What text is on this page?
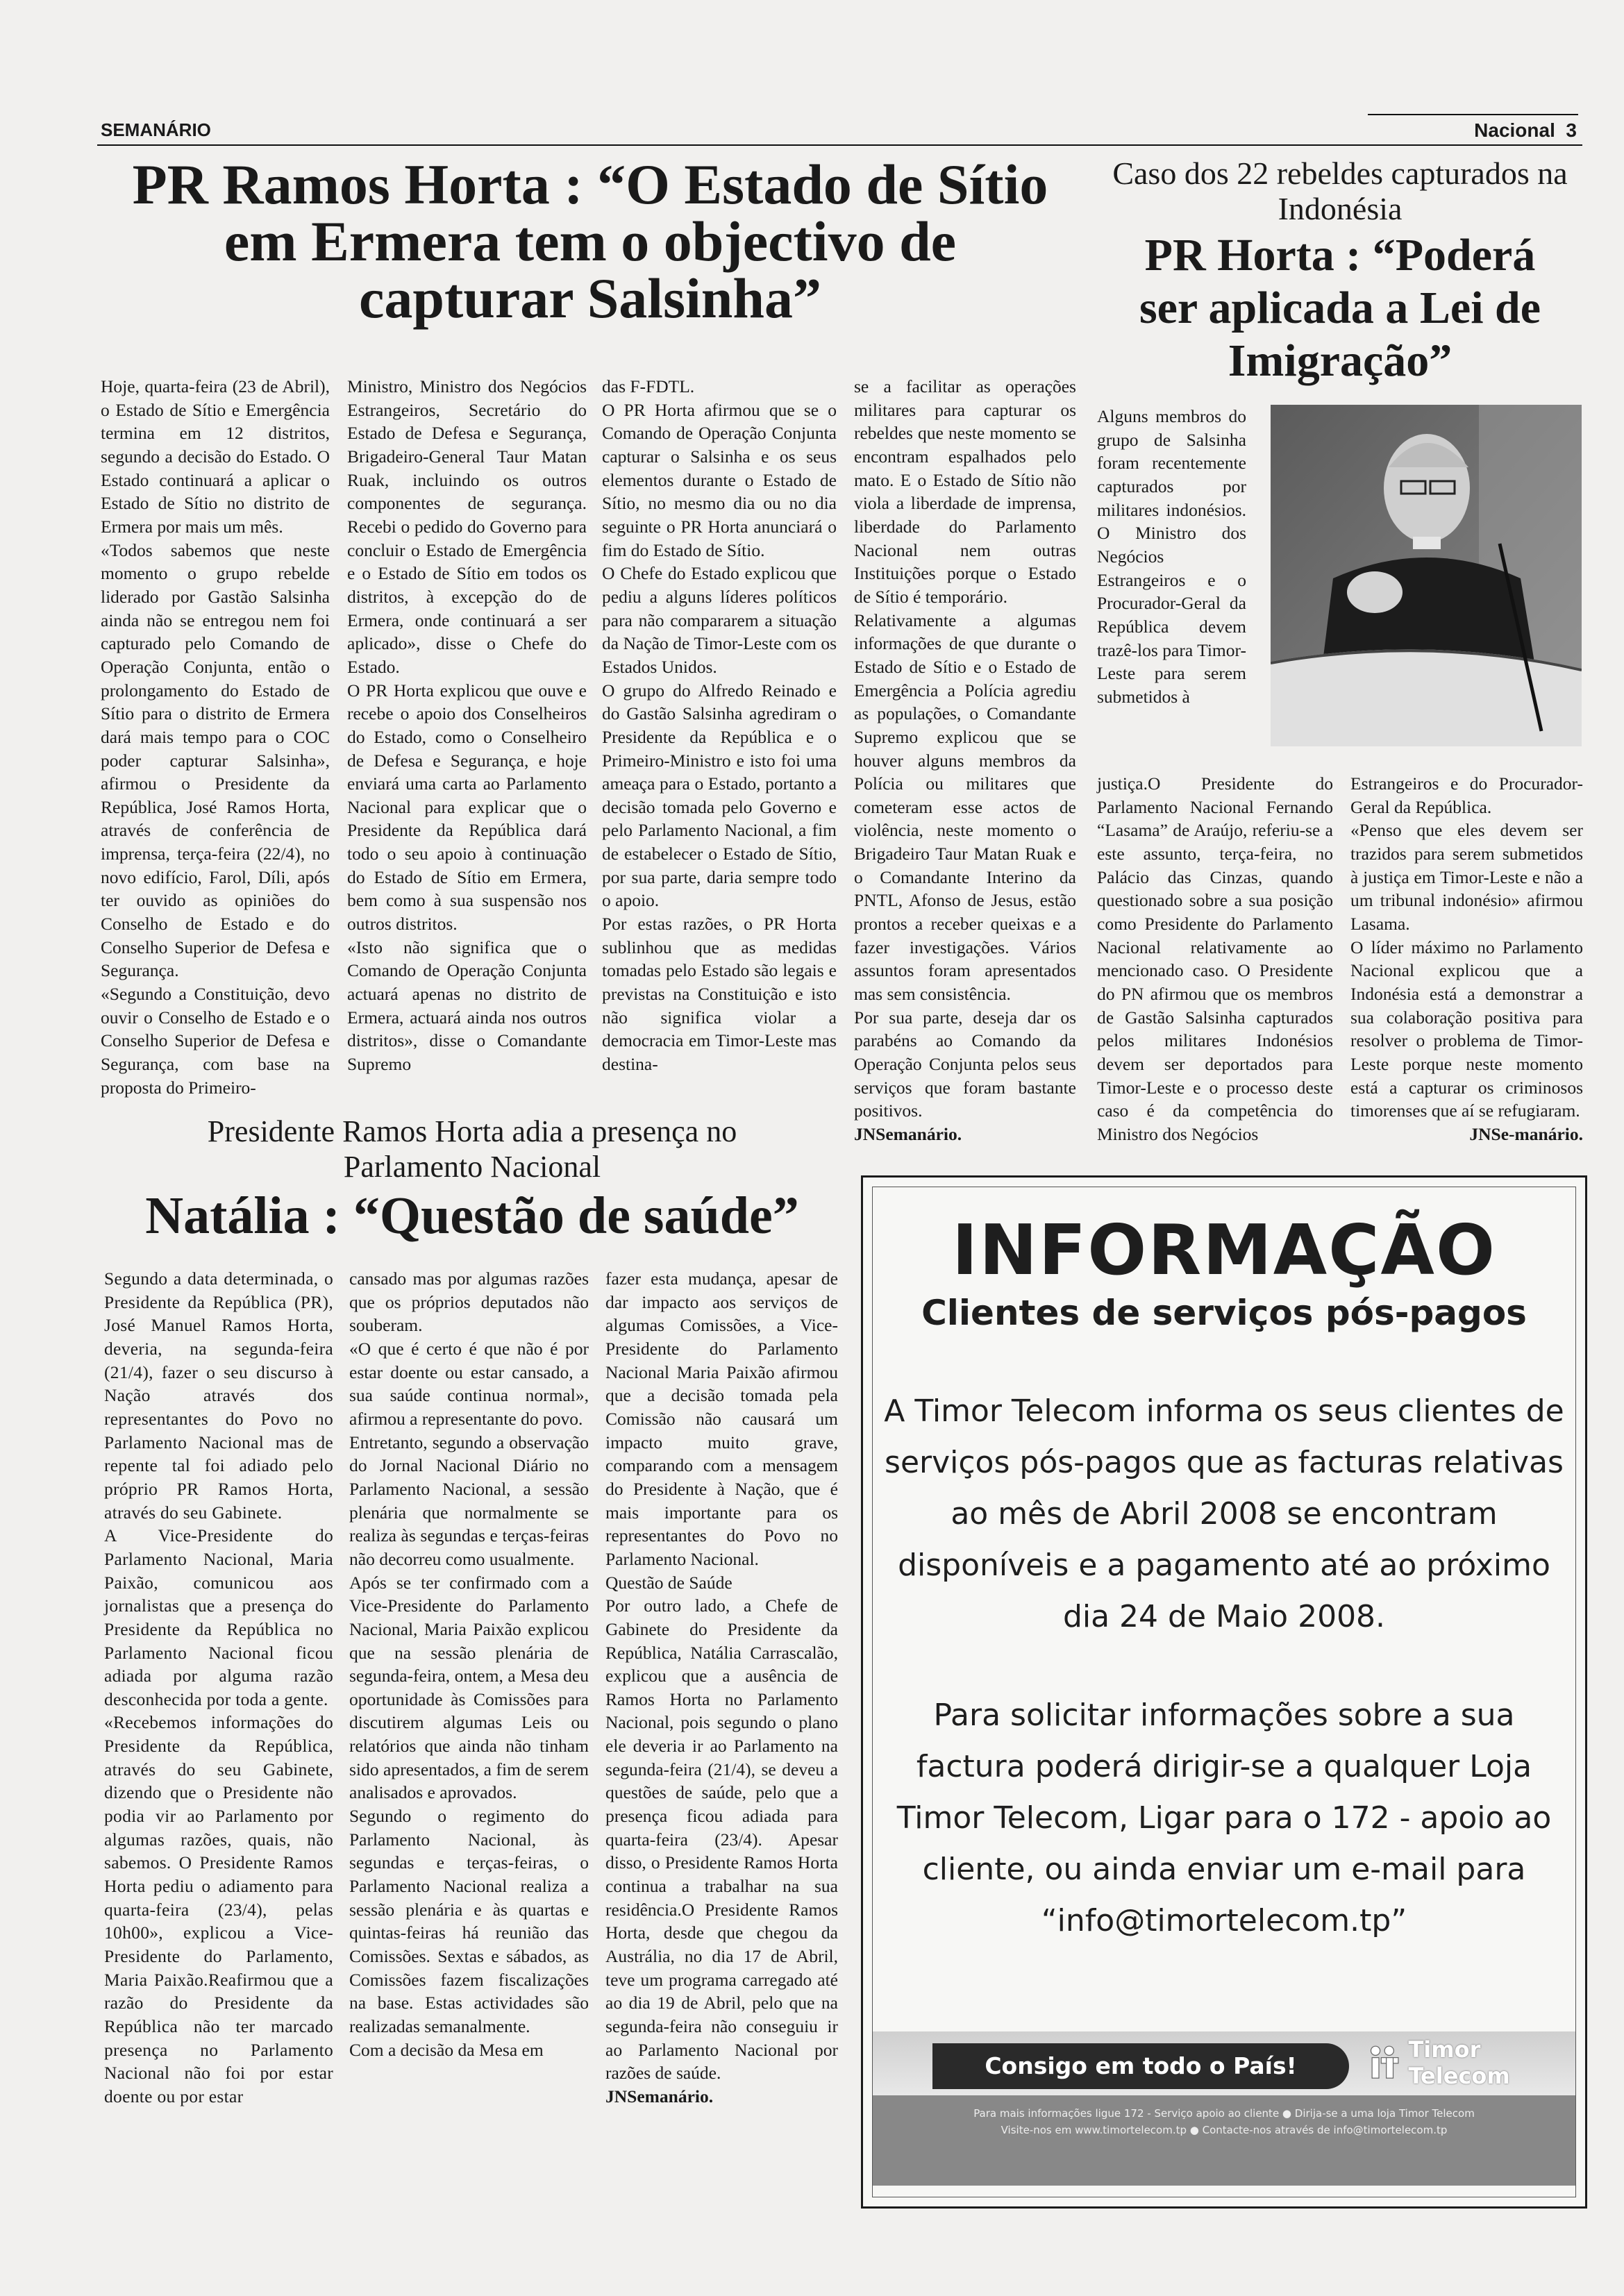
SEMANÁRIO	Nacional 3
PR Ramos Horta : “O Estado de Sítio
em Ermera tem o objectivo de
capturar Salsinha”

Hoje, quarta-feira (23 de Abril), o Estado de Sítio e Emergência termina em 12 distritos, segundo a decisão do Estado. O Estado continuará a aplicar o Estado de Sítio no distrito de Ermera por mais um mês.

«Todos sabemos que neste momento o grupo rebelde liderado por Gastão Salsinha ainda não se entregou nem foi capturado pelo Comando de Operação Conjunta, então o prolongamento do Estado de Sítio para o distrito de Ermera dará mais tempo para o COC poder capturar Salsinha», afirmou o Presidente da República, José Ramos Horta, através de conferência de imprensa, terça-feira (22/4), no novo edifício, Farol, Díli, após ter ouvido as opiniões do Conselho de Estado e do Conselho Superior de Defesa e Segurança.

«Segundo a Constituição, devo ouvir o Conselho de Estado e o Conselho Superior de Defesa e Segurança, com base na proposta do Primeiro-

Ministro, Ministro dos Negócios Estrangeiros, Secretário do Estado de Defesa e Segurança, Brigadeiro-General Taur Matan Ruak, incluindo os outros componentes de segurança. Recebi o pedido do Governo para concluir o Estado de Emergência e o Estado de Sítio em todos os distritos, à excepção do de Ermera, onde continuará a ser aplicado», disse o Chefe do Estado.

O PR Horta explicou que ouve e recebe o apoio dos Conselheiros do Estado, como o Conselheiro de Defesa e Segurança, e hoje enviará uma carta ao Parlamento Nacional para explicar que o Presidente da República dará todo o seu apoio à continuação do Estado de Sítio em Ermera, bem como à sua suspensão nos outros distritos.

«Isto não significa que o Comando de Operação Conjunta actuará apenas no distrito de Ermera, actuará ainda nos outros distritos», disse o Comandante Supremo

das F-FDTL.

O PR Horta afirmou que se o Comando de Operação Conjunta capturar o Salsinha e os seus elementos durante o Estado de Sítio, no mesmo dia ou no dia seguinte o PR Horta anunciará o fim do Estado de Sítio.

O Chefe do Estado explicou que pediu a alguns líderes políticos para não compararem a situação da Nação de Timor-Leste com os Estados Unidos.

O grupo do Alfredo Reinado e do Gastão Salsinha agrediram o Presidente da República e o Primeiro-Ministro e isto foi uma ameaça para o Estado, portanto a decisão tomada pelo Governo e pelo Parlamento Nacional, a fim de estabelecer o Estado de Sítio, por sua parte, daria sempre todo o apoio.

Por estas razões, o PR Horta sublinhou que as medidas tomadas pelo Estado são legais e previstas na Constituição e isto não significa violar a democracia em Timor-Leste mas destina-

se a facilitar as operações militares para capturar os rebeldes que neste momento se encontram espalhados pelo mato. E o Estado de Sítio não viola a liberdade de imprensa, liberdade do Parlamento Nacional nem outras Instituições porque o Estado de Sítio é temporário.

Relativamente a algumas informações de que durante o Estado de Sítio e o Estado de Emergência a Polícia agrediu as populações, o Comandante Supremo explicou que se houver alguns membros da Polícia ou militares que cometeram esse actos de violência, neste momento o Brigadeiro Taur Matan Ruak e o Comandante Interino da PNTL, Afonso de Jesus, estão prontos a receber queixas e a fazer investigações. Vários assuntos foram apresentados mas sem consistência.

Por sua parte, deseja dar os parabéns ao Comando da Operação Conjunta pelos seus serviços que foram bastante positivos.

JNSemanário.

Caso dos 22 rebeldes capturados na Indonésia
PR Horta : “Poderá
ser aplicada a Lei de
Imigração”

Alguns membros do grupo de Salsinha foram recentemente capturados por militares indonésios. O Ministro dos Negócios Estrangeiros e o Procurador-Geral da República devem trazê-los para Timor-Leste para serem submetidos à

justiça.O Presidente do Parlamento Nacional Fernando “Lasama” de Araújo, referiu-se a este assunto, terça-feira, no Palácio das Cinzas, quando questionado sobre a sua posição como Presidente do Parlamento Nacional relativamente ao mencionado caso. O Presidente do PN afirmou que os membros de Gastão Salsinha capturados pelos militares Indonésios devem ser deportados para Timor-Leste e o processo deste caso é da competência do Ministro dos Negócios

Estrangeiros e do Procurador-Geral da República.

«Penso que eles devem ser trazidos para serem submetidos à justiça em Timor-Leste e não a um tribunal indonésio» afirmou Lasama.

O líder máximo no Parlamento Nacional explicou que a Indonésia está a demonstrar a sua colaboração positiva para resolver o problema de Timor-Leste porque neste momento está a capturar os criminosos timorenses que aí se refugiaram.

JNSe-manário.

Presidente Ramos Horta adia a presença no
Parlamento Nacional
Natália : “Questão de saúde”

Segundo a data determinada, o Presidente da República (PR), José Manuel Ramos Horta, deveria, na segunda-feira (21/4), fazer o seu discurso à Nação através dos representantes do Povo no Parlamento Nacional mas de repente tal foi adiado pelo próprio PR Ramos Horta, através do seu Gabinete.

A Vice-Presidente do Parlamento Nacional, Maria Paixão, comunicou aos jornalistas que a presença do Presidente da República no Parlamento Nacional ficou adiada por alguma razão desconhecida por toda a gente.

«Recebemos informações do Presidente da República, através do seu Gabinete, dizendo que o Presidente não podia vir ao Parlamento por algumas razões, quais, não sabemos. O Presidente Ramos Horta pediu o adiamento para quarta-feira (23/4), pelas 10h00», explicou a Vice-Presidente do Parlamento, Maria Paixão.Reafirmou que a razão do Presidente da República não ter marcado presença no Parlamento Nacional não foi por estar doente ou por estar

cansado mas por algumas razões que os próprios deputados não souberam.

«O que é certo é que não é por estar doente ou estar cansado, a sua saúde continua normal», afirmou a representante do povo.

Entretanto, segundo a observação do Jornal Nacional Diário no Parlamento Nacional, a sessão plenária que normalmente se realiza às segundas e terças-feiras não decorreu como usualmente.

Após se ter confirmado com a Vice-Presidente do Parlamento Nacional, Maria Paixão explicou que na sessão plenária de segunda-feira, ontem, a Mesa deu oportunidade às Comissões para discutirem algumas Leis ou relatórios que ainda não tinham sido apresentados, a fim de serem analisados e aprovados.

Segundo o regimento do Parlamento Nacional, às segundas e terças-feiras, o Parlamento Nacional realiza a sessão plenária e às quartas e quintas-feiras há reunião das Comissões. Sextas e sábados, as Comissões fazem fiscalizações na base. Estas actividades são realizadas semanalmente.

Com a decisão da Mesa em

fazer esta mudança, apesar de dar impacto aos serviços de algumas Comissões, a Vice-Presidente do Parlamento Nacional Maria Paixão afirmou que a decisão tomada pela Comissão não causará um impacto muito grave, comparando com a mensagem do Presidente à Nação, que é mais importante para os representantes do Povo no Parlamento Nacional.

Questão de Saúde

Por outro lado, a Chefe de Gabinete do Presidente da República, Natália Carrascalão, explicou que a ausência de Ramos Horta no Parlamento Nacional, pois segundo o plano ele deveria ir ao Parlamento na segunda-feira (21/4), se deveu a questões de saúde, pelo que a presença ficou adiada para quarta-feira (23/4). Apesar disso, o Presidente Ramos Horta continua a trabalhar na sua residência.O Presidente Ramos Horta, desde que chegou da Austrália, no dia 17 de Abril, teve um programa carregado até ao dia 19 de Abril, pelo que na segunda-feira não conseguiu ir ao Parlamento Nacional por razões de saúde.

JNSemanário.

INFORMAÇÃO
Clientes de serviços pós-pagos
A Timor Telecom informa os seus clientes de serviços pós-pagos que as facturas relativas ao mês de Abril 2008 se encontram disponíveis e a pagamento até ao próximo dia 24 de Maio 2008.
Para solicitar informações sobre a sua factura poderá dirigir-se a qualquer Loja Timor Telecom, Ligar para o 172 - apoio ao cliente, ou ainda enviar um e-mail para “info@timortelecom.tp”
Consigo em todo o País!
Timor Telecom
Para mais informações ligue 172 - Serviço apoio ao cliente ● Dirija-se a uma loja Timor Telecom
Visite-nos em www.timortelecom.tp ● Contacte-nos através de info@timortelecom.tp
